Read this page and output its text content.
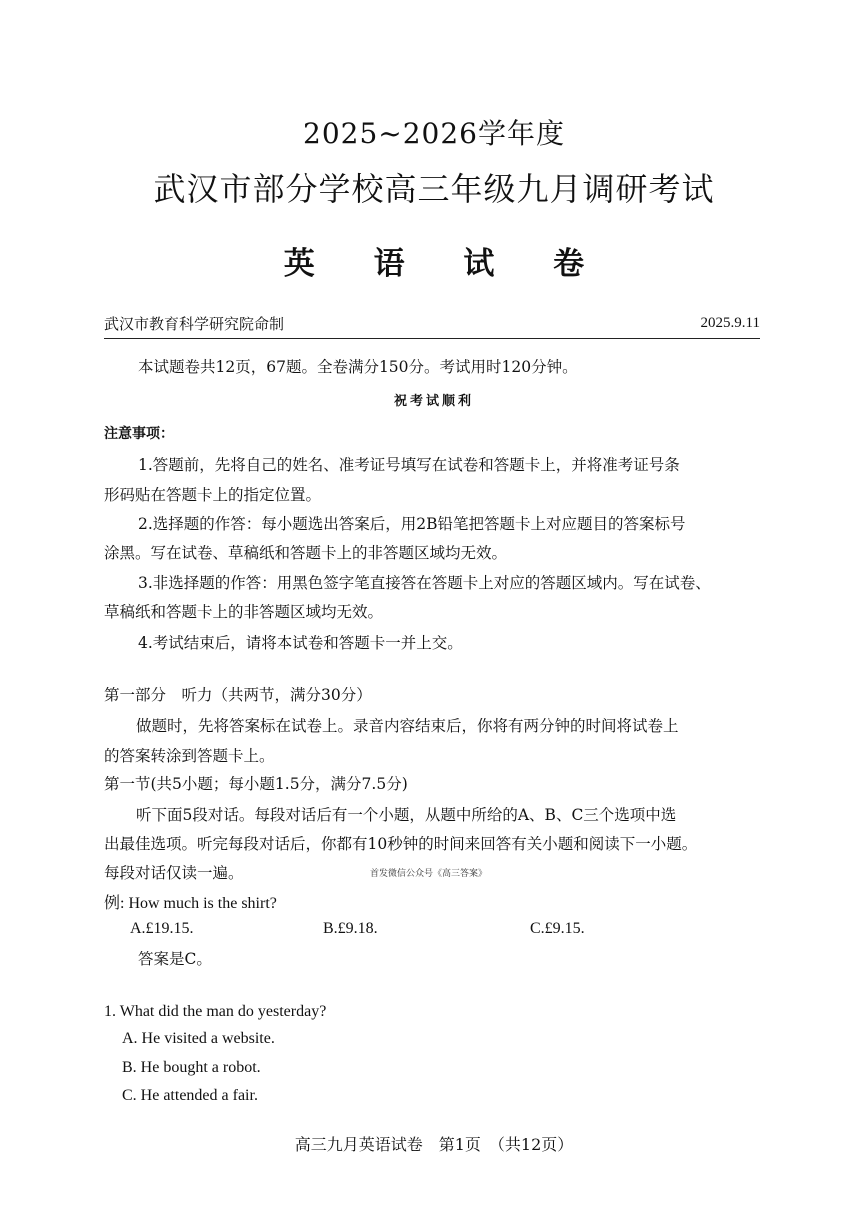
2025~2026学年度
武汉市部分学校高三年级九月调研考试
英 语 试 卷
武汉市教育科学研究院命制	2025.9.11
本试题卷共12页，67题。全卷满分150分。考试用时120分钟。
祝考试顺利
注意事项：
1.答题前，先将自己的姓名、准考证号填写在试卷和答题卡上，并将准考证号条
形码贴在答题卡上的指定位置。
2.选择题的作答：每小题选出答案后，用2B铅笔把答题卡上对应题目的答案标号
涂黑。写在试卷、草稿纸和答题卡上的非答题区域均无效。
3.非选择题的作答：用黑色签字笔直接答在答题卡上对应的答题区域内。写在试卷、
草稿纸和答题卡上的非答题区域均无效。
4.考试结束后，请将本试卷和答题卡一并上交。
第一部分　听力（共两节，满分30分）
做题时，先将答案标在试卷上。录音内容结束后，你将有两分钟的时间将试卷上
的答案转涂到答题卡上。
第一节(共5小题；每小题1.5分，满分7.5分)
听下面5段对话。每段对话后有一个小题，从题中所给的A、B、C三个选项中选
出最佳选项。听完每段对话后，你都有10秒钟的时间来回答有关小题和阅读下一小题。
每段对话仅读一遍。	首发微信公众号《高三答案》
例: How much is the shirt?
A.£19.15.	B.£9.18.	C.£9.15.
答案是C。
1. What did the man do yesterday?
A. He visited a website.
B. He bought a robot.
C. He attended a fair.
高三九月英语试卷　第1页　（共12页）
